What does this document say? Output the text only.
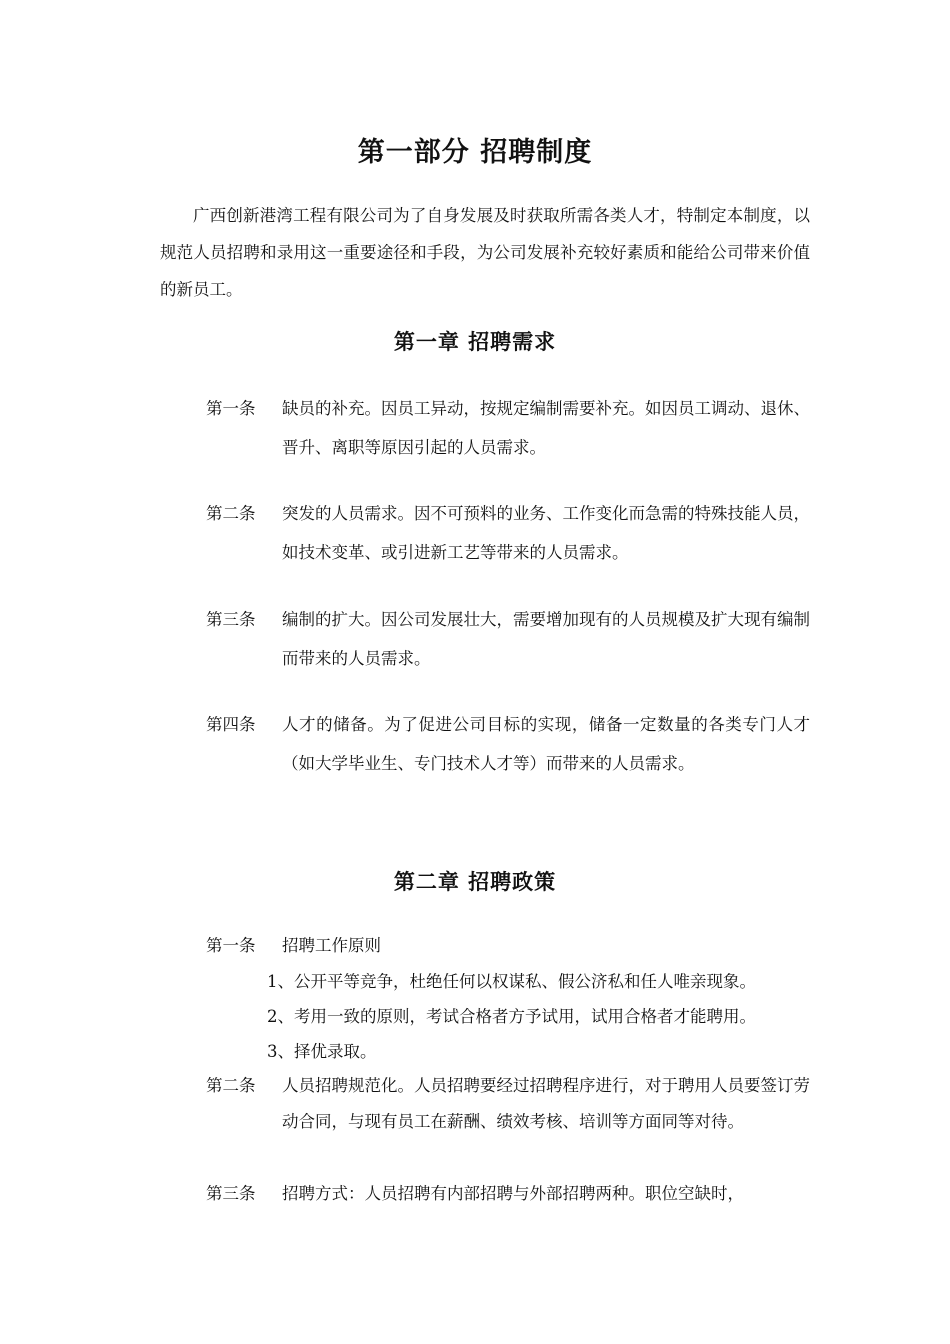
第一部分 招聘制度
广西创新港湾工程有限公司为了自身发展及时获取所需各类人才，特制定本制度，以规范人员招聘和录用这一重要途径和手段，为公司发展补充较好素质和能给公司带来价值的新员工。
第一章 招聘需求
第一条 缺员的补充。因员工异动，按规定编制需要补充。如因员工调动、退休、晋升、离职等原因引起的人员需求。
第二条 突发的人员需求。因不可预料的业务、工作变化而急需的特殊技能人员，如技术变革、或引进新工艺等带来的人员需求。
第三条 编制的扩大。因公司发展壮大，需要增加现有的人员规模及扩大现有编制而带来的人员需求。
第四条 人才的储备。为了促进公司目标的实现，储备一定数量的各类专门人才（如大学毕业生、专门技术人才等）而带来的人员需求。
第二章 招聘政策
第一条 招聘工作原则
1、公开平等竞争，杜绝任何以权谋私、假公济私和任人唯亲现象。
2、考用一致的原则，考试合格者方予试用，试用合格者才能聘用。
3、择优录取。
第二条 人员招聘规范化。人员招聘要经过招聘程序进行，对于聘用人员要签订劳动合同，与现有员工在薪酬、绩效考核、培训等方面同等对待。
第三条 招聘方式：人员招聘有内部招聘与外部招聘两种。职位空缺时，
